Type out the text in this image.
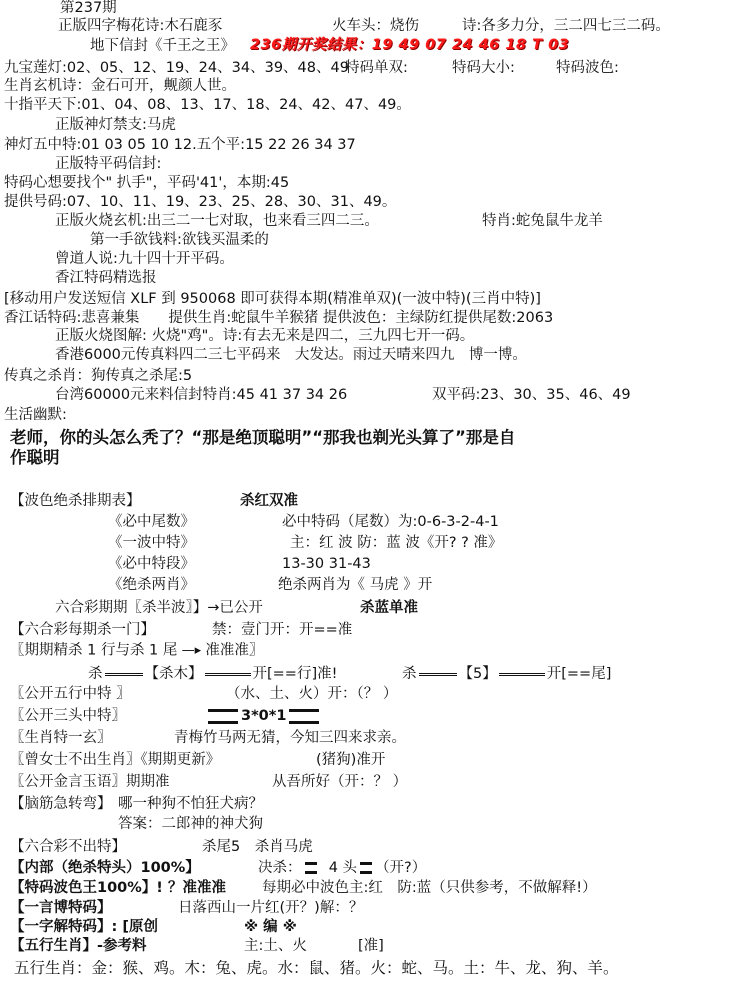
第237期
正版四字梅花诗:木石鹿豕	火车头：烧伤	诗:各多力分，三二四七三二码。
地下信封《千王之王》 236期开奖结果：19 49 07 24 46 18 T 03
九宝莲灯:02、05、12、19、24、34、39、48、49
特码单双:	特码大小:	特码波色:
生肖玄机诗：金石可开，觍颜人世。
十指平天下:01、04、08、13、17、18、24、42、47、49。
正版神灯禁支:马虎
神灯五中特:01 03 05 10 12.五个平:15 22 26 34 37
正版特平码信封:
特码心想要找个" 扒手"，平码'41'，本期:45
提供号码:07、10、11、19、23、25、28、30、31、49。
正版火烧玄机:出三二一七对取，也来看三四二三。	特肖:蛇兔鼠牛龙羊
第一手欲钱料:欲钱买温柔的
曾道人说:九十四十开平码。
香江特码精选报
[移动用户发送短信 XLF 到 950068 即可获得本期(精准单双)(一波中特)(三肖中特)]
香江话特码:悲喜兼集　　提供生肖:蛇鼠牛羊猴猪 提供波色：主绿防红提供尾数:2063
正版火烧图解: 火烧"鸡"。诗:有去无来是四二，三九四七开一码。
香港6000元传真料四二三七平码来　大发达。雨过天晴来四九　博一博。
传真之杀肖：狗传真之杀尾:5
台湾60000元来料信封特肖:45 41 37 34 26	双平码:23、30、35、46、49
生活幽默:
老师，你的头怎么秃了？“那是绝顶聪明”“那我也剃光头算了”那是自
作聪明
【波色绝杀排期表】	杀红双准
《必中尾数》	必中特码（尾数）为:0-6-3-2-4-1
《一波中特》	主：红 波 防：蓝 波《开? ? 准》
《必中特段》	13-30 31-43
《绝杀两肖》	绝杀两肖为《 马虎 》开
六合彩期期〖杀半波〗】→已公开	杀蓝单准
【六合彩每期杀一门】	禁：壹门开：开==准
〖期期精杀 1 行与杀 1 尾 —▸ 准准准〗
杀	【杀木】	开[==行]准!	杀	【5】	开[==尾]
〖公开五行中特 〗	（水、土、火）开：（？ ）
〖公开三头中特〗	3*0*1
〖生肖特一玄〗	青梅竹马两无猜，今知三四来求亲。
〖曾女士不出生肖〗《期期更新》	(猪狗)准开
〖公开金言玉语〗期期准	从吾所好（开：？ ）
【脑筋急转弯】 哪一种狗不怕狂犬病？
答案：二郎神的神犬狗
【六合彩不出特】	杀尾5　杀肖马虎
【内部（绝杀特头）100%】	决杀： 4 头 （开?）
【特码波色王100%】! ？准准准 每期必中波色主:红　防:蓝（只供参考，不做解释!）
【一言博特码】	日落西山一片红(开？)解：？
【一字解特码】: [原创	※ 编 ※
【五行生肖】-参考料	主:土、火	[准]
五行生肖：金：猴、鸡。木：兔、虎。水：鼠、猪。火：蛇、马。土：牛、龙、狗、羊。
